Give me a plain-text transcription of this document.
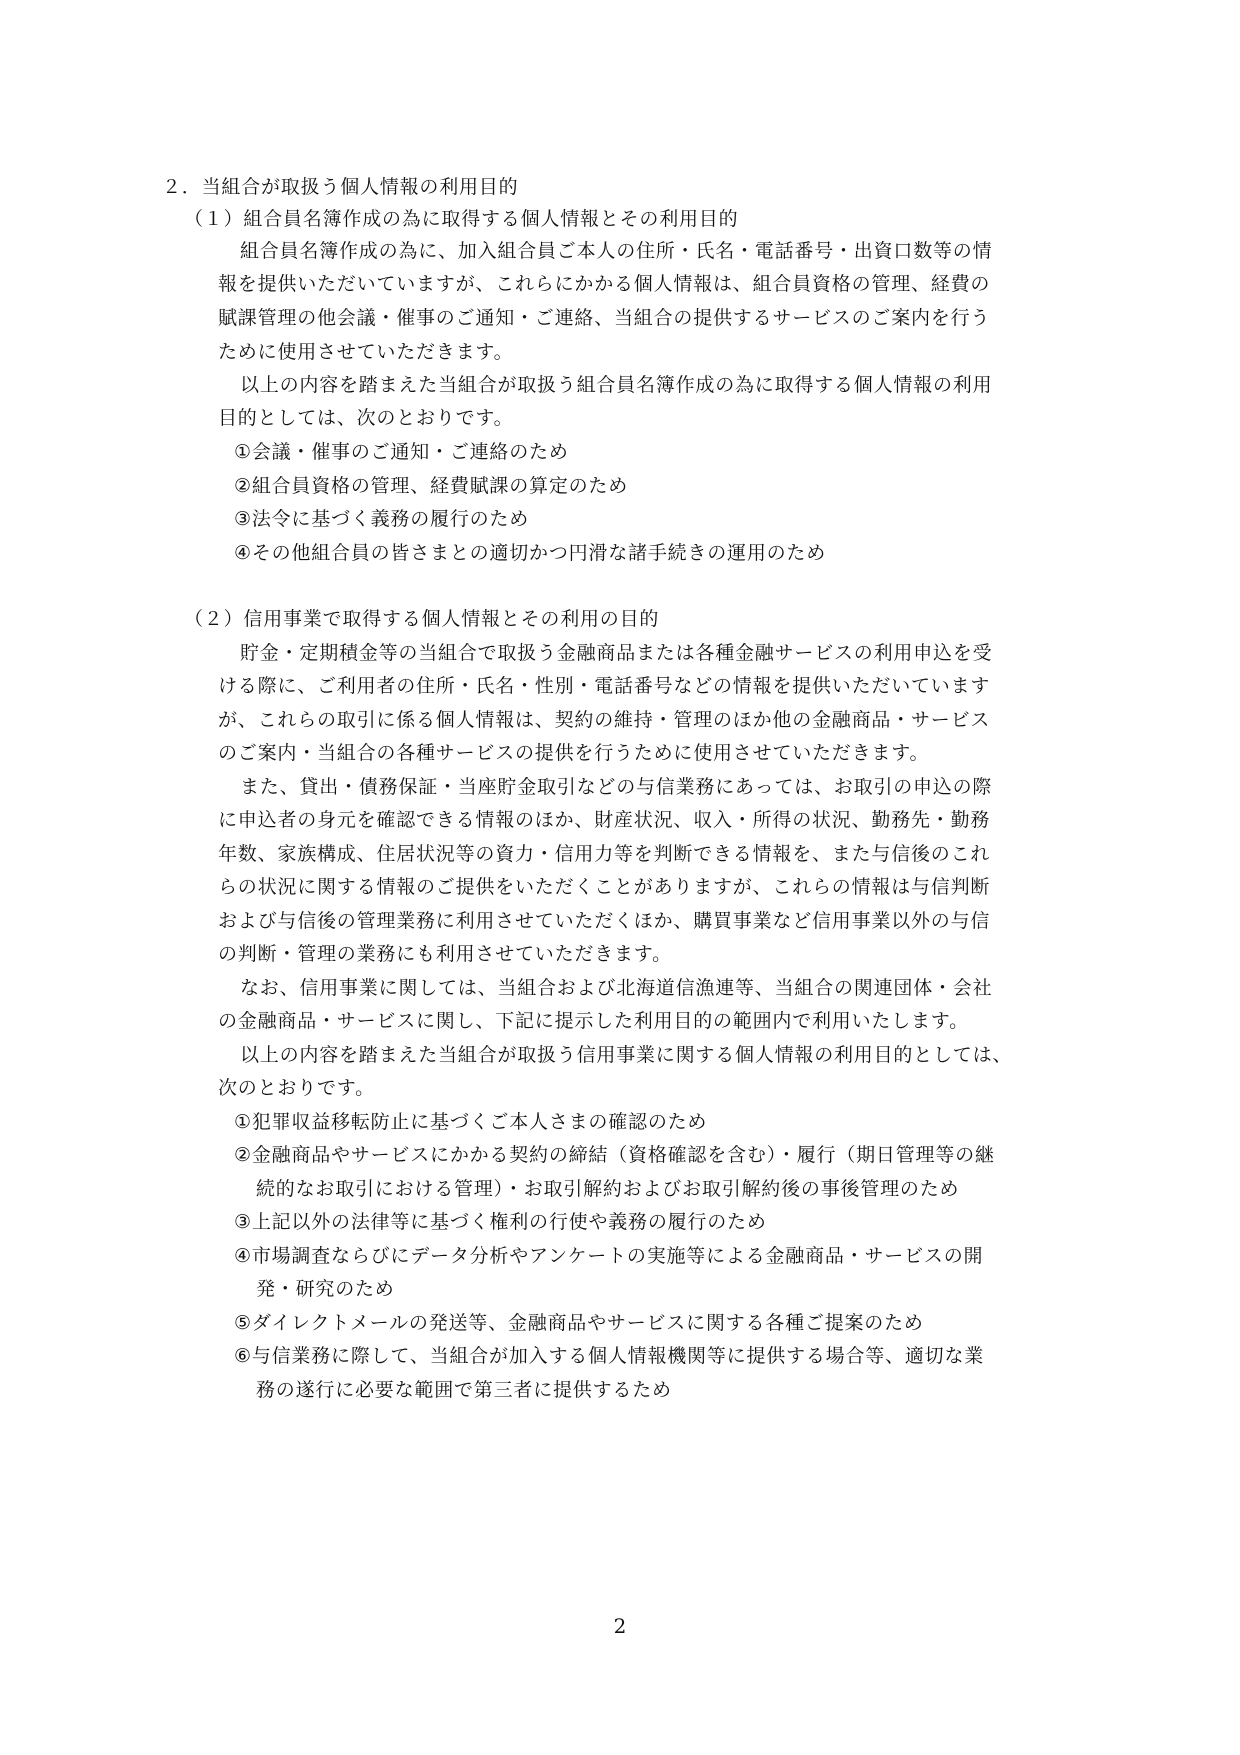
２．当組合が取扱う個人情報の利用目的
（１）組合員名簿作成の為に取得する個人情報とその利用目的
組合員名簿作成の為に、加入組合員ご本人の住所・氏名・電話番号・出資口数等の情
報を提供いただいていますが、これらにかかる個人情報は、組合員資格の管理、経費の
賦課管理の他会議・催事のご通知・ご連絡、当組合の提供するサービスのご案内を行う
ために使用させていただきます。
以上の内容を踏まえた当組合が取扱う組合員名簿作成の為に取得する個人情報の利用
目的としては、次のとおりです。
①会議・催事のご通知・ご連絡のため
②組合員資格の管理、経費賦課の算定のため
③法令に基づく義務の履行のため
④その他組合員の皆さまとの適切かつ円滑な諸手続きの運用のため
（２）信用事業で取得する個人情報とその利用の目的
貯金・定期積金等の当組合で取扱う金融商品または各種金融サービスの利用申込を受
ける際に、ご利用者の住所・氏名・性別・電話番号などの情報を提供いただいています
が、これらの取引に係る個人情報は、契約の維持・管理のほか他の金融商品・サービス
のご案内・当組合の各種サービスの提供を行うために使用させていただきます。
また、貸出・債務保証・当座貯金取引などの与信業務にあっては、お取引の申込の際
に申込者の身元を確認できる情報のほか、財産状況、収入・所得の状況、勤務先・勤務
年数、家族構成、住居状況等の資力・信用力等を判断できる情報を、また与信後のこれ
らの状況に関する情報のご提供をいただくことがありますが、これらの情報は与信判断
および与信後の管理業務に利用させていただくほか、購買事業など信用事業以外の与信
の判断・管理の業務にも利用させていただきます。
なお、信用事業に関しては、当組合および北海道信漁連等、当組合の関連団体・会社
の金融商品・サービスに関し、下記に提示した利用目的の範囲内で利用いたします。
以上の内容を踏まえた当組合が取扱う信用事業に関する個人情報の利用目的としては、
次のとおりです。
①犯罪収益移転防止に基づくご本人さまの確認のため
②金融商品やサービスにかかる契約の締結（資格確認を含む）・履行（期日管理等の継
続的なお取引における管理）・お取引解約およびお取引解約後の事後管理のため
③上記以外の法律等に基づく権利の行使や義務の履行のため
④市場調査ならびにデータ分析やアンケートの実施等による金融商品・サービスの開
発・研究のため
⑤ダイレクトメールの発送等、金融商品やサービスに関する各種ご提案のため
⑥与信業務に際して、当組合が加入する個人情報機関等に提供する場合等、適切な業
務の遂行に必要な範囲で第三者に提供するため
2
